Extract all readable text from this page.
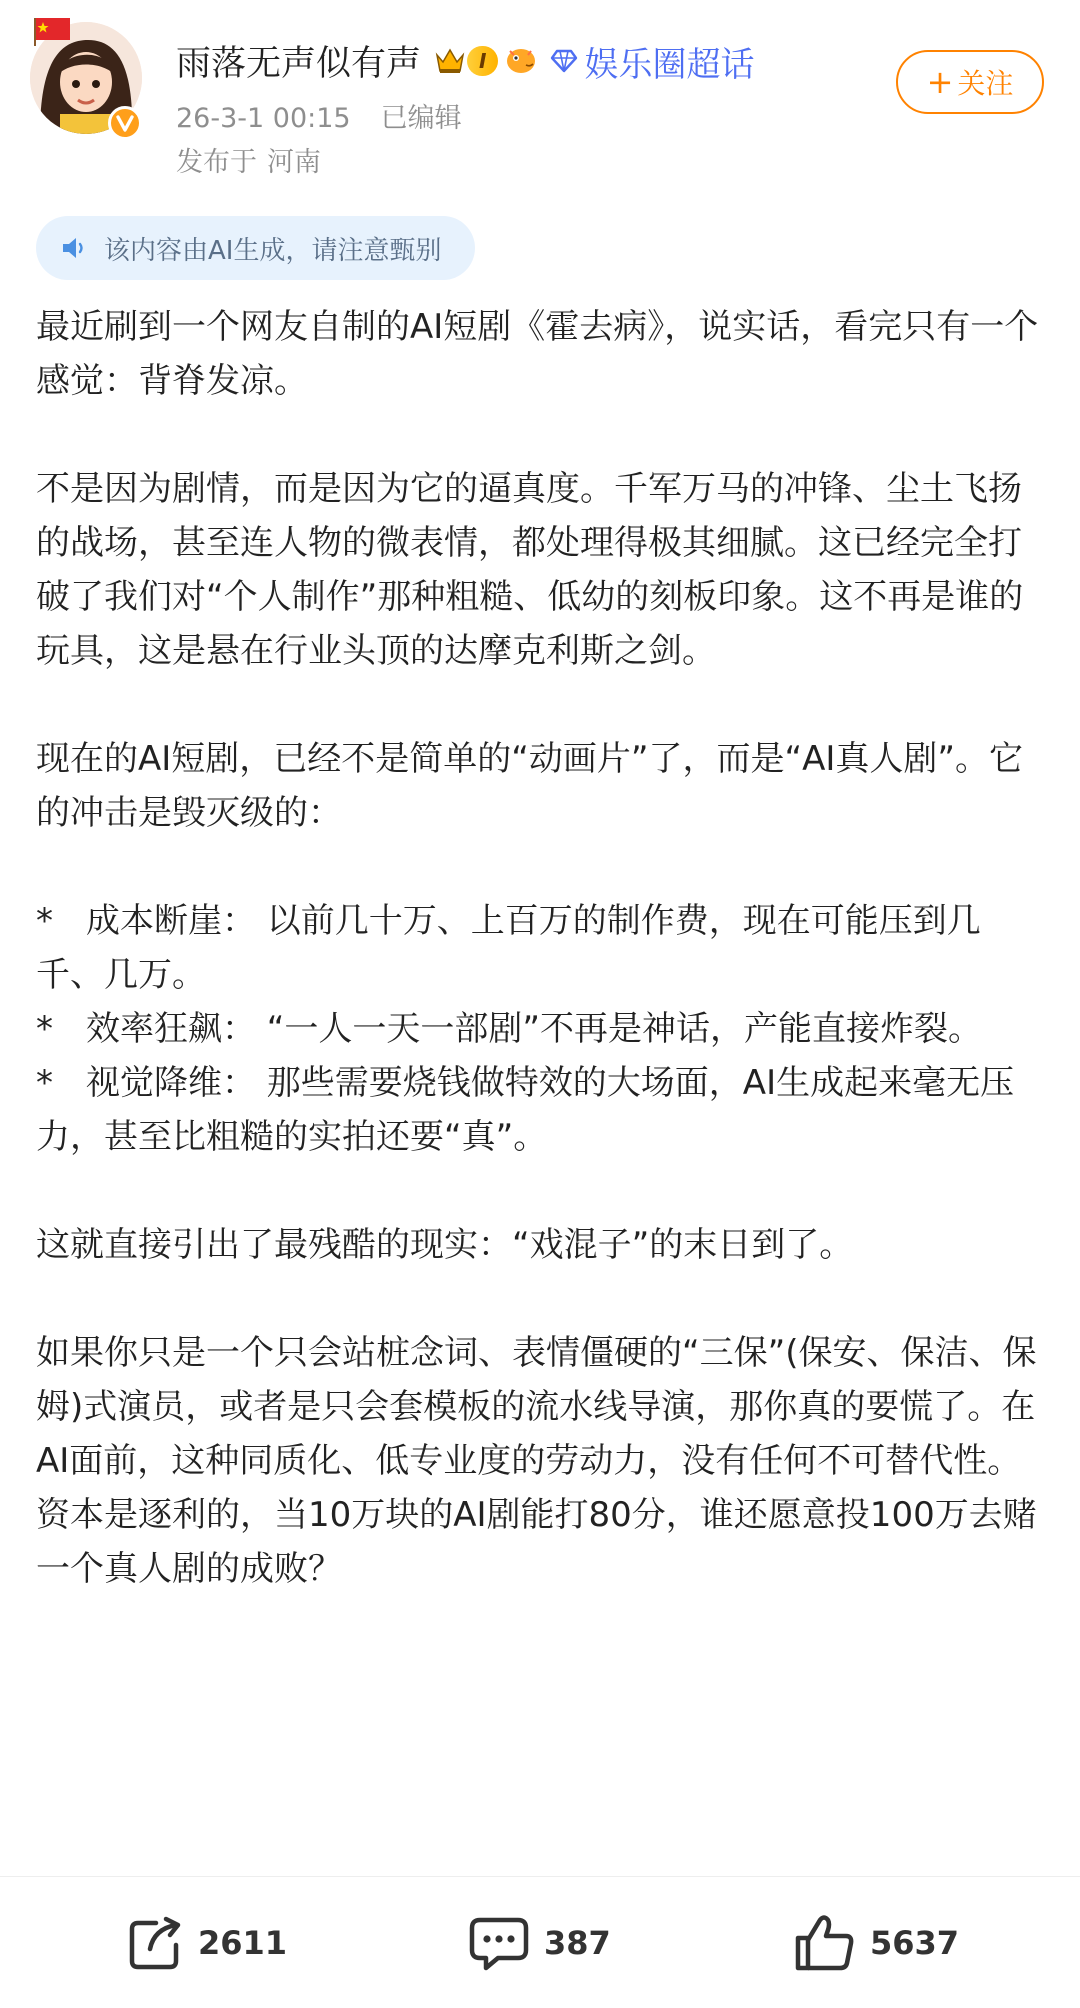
雨落无声似有声	I	娱乐圈超话
26-3-1 00:15 已编辑
发布于 河南
+ 关注
该内容由AI生成，请注意甄别

最近刷到一个网友自制的AI短剧《霍去病》，说实话，看完只有一个感觉：背脊发凉。

不是因为剧情，而是因为它的逼真度。千军万马的冲锋、尘土飞扬的战场，甚至连人物的微表情，都处理得极其细腻。这已经完全打破了我们对“个人制作”那种粗糙、低幼的刻板印象。这不再是谁的玩具，这是悬在行业头顶的达摩克利斯之剑。

现在的AI短剧，已经不是简单的“动画片”了，而是“AI真人剧”。它的冲击是毁灭级的：

* 成本断崖： 以前几十万、上百万的制作费，现在可能压到几千、几万。

* 效率狂飙： “一人一天一部剧”不再是神话，产能直接炸裂。

* 视觉降维： 那些需要烧钱做特效的大场面，AI生成起来毫无压力，甚至比粗糙的实拍还要“真”。

这就直接引出了最残酷的现实：“戏混子”的末日到了。

如果你只是一个只会站桩念词、表情僵硬的“三保”(保安、保洁、保姆)式演员，或者是只会套模板的流水线导演，那你真的要慌了。在AI面前，这种同质化、低专业度的劳动力，没有任何不可替代性。资本是逐利的，当10万块的AI剧能打80分，谁还愿意投100万去赌一个真人剧的成败？

2611	387	5637
